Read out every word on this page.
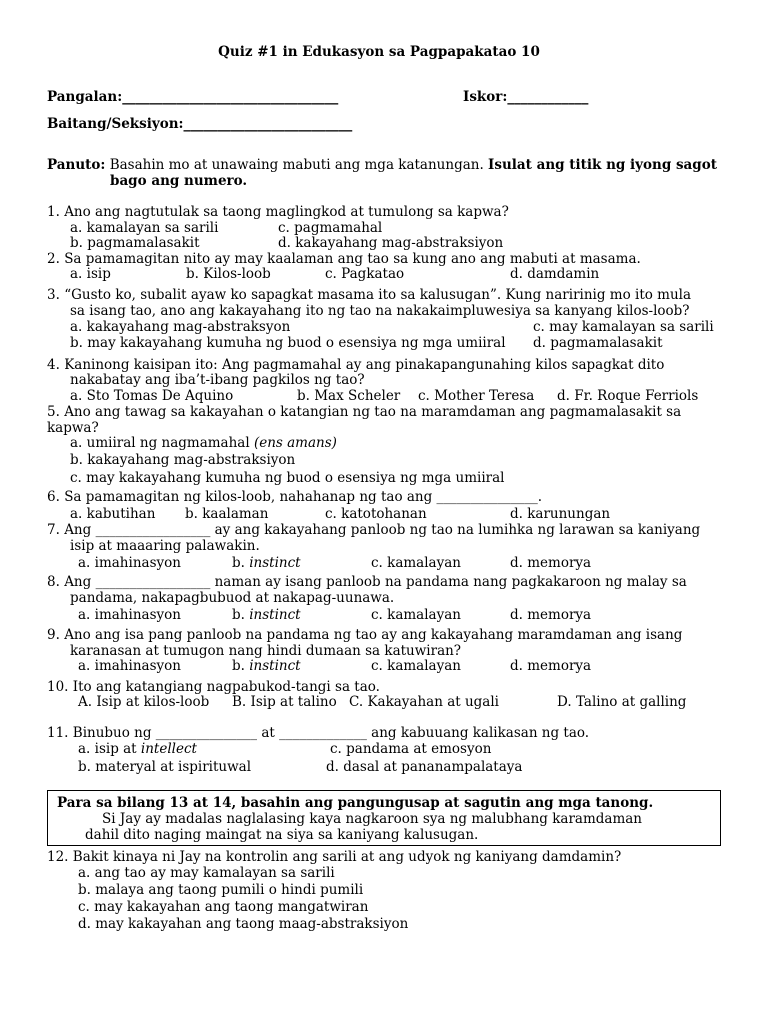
Quiz #1 in Edukasyon sa Pagpapakatao 10
Pangalan:________________________________	Iskor:____________
Baitang/Seksiyon:_________________________
Panuto: Basahin mo at unawaing mabuti ang mga katanungan. Isulat ang titik ng iyong sagot
bago ang numero.
1. Ano ang nagtutulak sa taong maglingkod at tumulong sa kapwa?
a. kamalayan sa sarili	c. pagmamahal
b. pagmamalasakit	d. kakayahang mag-abstraksiyon
2. Sa pamamagitan nito ay may kaalaman ang tao sa kung ano ang mabuti at masama.
a. isip	b. Kilos-loob	c. Pagkatao	d. damdamin
3. “Gusto ko, subalit ayaw ko sapagkat masama ito sa kalusugan”. Kung naririnig mo ito mula
sa isang tao, ano ang kakayahang ito ng tao na nakakaimpluwesiya sa kanyang kilos-loob?
a. kakayahang mag-abstraksyon	c. may kamalayan sa sarili
b. may kakayahang kumuha ng buod o esensiya ng mga umiiral d. pagmamalasakit
4. Kaninong kaisipan ito: Ang pagmamahal ay ang pinakapangunahing kilos sapagkat dito
nakabatay ang iba’t-ibang pagkilos ng tao?
a. Sto Tomas De Aquino	b. Max Scheler c. Mother Teresa d. Fr. Roque Ferriols
5. Ano ang tawag sa kakayahan o katangian ng tao na maramdaman ang pagmamalasakit sa
kapwa?
a. umiiral ng nagmamahal (ens amans)
b. kakayahang mag-abstraksiyon
c. may kakayahang kumuha ng buod o esensiya ng mga umiiral
6. Sa pamamagitan ng kilos-loob, nahahanap ng tao ang _______________.
a. kabutihan b. kaalaman	c. katotohanan	d. karunungan
7. Ang _________________ ay ang kakayahang panloob ng tao na lumihka ng larawan sa kaniyang
isip at maaaring palawakin.
a. imahinasyon	b. instinct	c. kamalayan	d. memorya
8. Ang _________________ naman ay isang panloob na pandama nang pagkakaroon ng malay sa
pandama, nakapagbubuod at nakapag-uunawa.
a. imahinasyon	b. instinct	c. kamalayan	d. memorya
9. Ano ang isa pang panloob na pandama ng tao ay ang kakayahang maramdaman ang isang
karanasan at tumugon nang hindi dumaan sa katuwiran?
a. imahinasyon	b. instinct	c. kamalayan	d. memorya
10. Ito ang katangiang nagpabukod-tangi sa tao.
A. Isip at kilos-loob B. Isip at talino C. Kakayahan at ugali	D. Talino at galling
11. Binubuo ng _______________ at _____________ ang kabuuang kalikasan ng tao.
a. isip at intellect	c. pandama at emosyon
b. materyal at ispirituwal	d. dasal at pananampalataya
Para sa bilang 13 at 14, basahin ang pangungusap at sagutin ang mga tanong.
Si Jay ay madalas naglalasing kaya nagkaroon sya ng malubhang karamdaman
dahil dito naging maingat na siya sa kaniyang kalusugan.
12. Bakit kinaya ni Jay na kontrolin ang sarili at ang udyok ng kaniyang damdamin?
a. ang tao ay may kamalayan sa sarili
b. malaya ang taong pumili o hindi pumili
c. may kakayahan ang taong mangatwiran
d. may kakayahan ang taong maag-abstraksiyon
